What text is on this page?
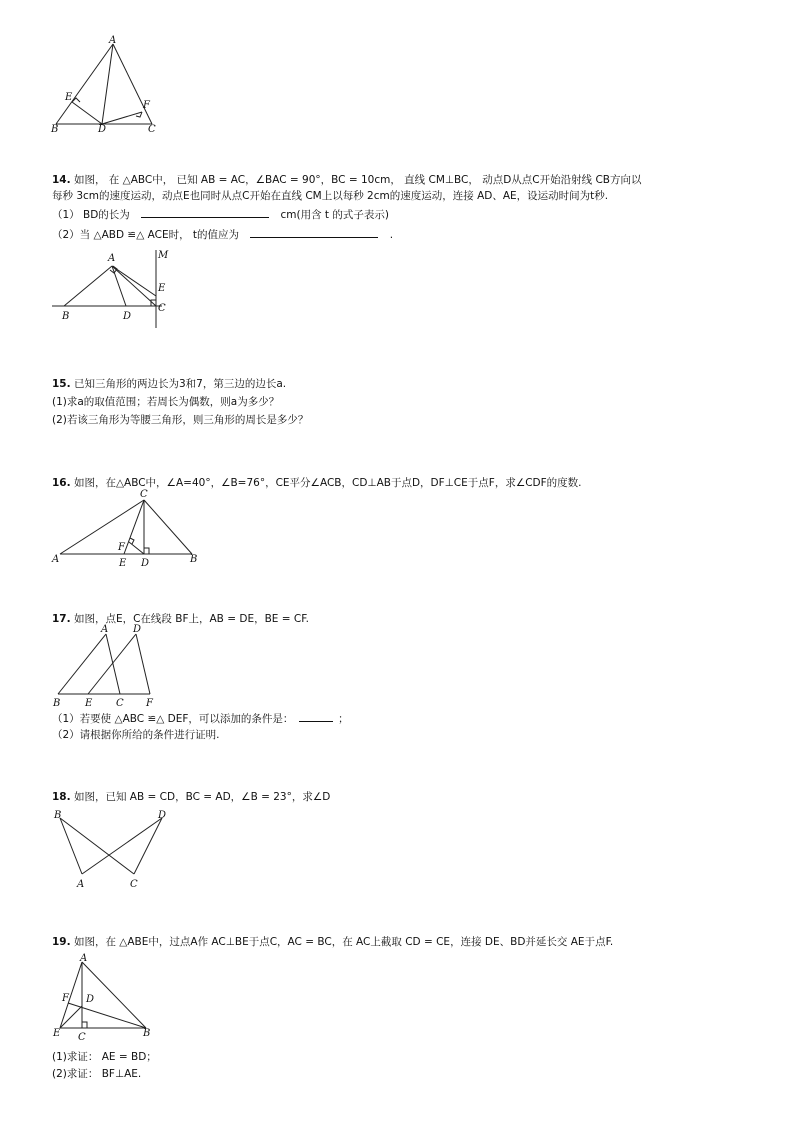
A
E
F
B	D	C
14. 如图， 在 △ABC中， 已知 AB = AC，∠BAC = 90°，BC = 10cm， 直线 CM⊥BC， 动点D从点C开始沿射线 CB方向以
每秒 3cm的速度运动，动点E也同时从点C开始在直线 CM上以每秒 2cm的速度运动，连接 AD、AE，设运动时间为t秒.
（1） BD的长为	cm(用含 t 的式子表示)
（2）当 △ABD ≌△ ACE时， t的值应为	.
A	M
E
C
B	D
15. 已知三角形的两边长为3和7，第三边的边长a.
(1)求a的取值范围；若周长为偶数，则a为多少？
(2)若该三角形为等腰三角形，则三角形的周长是多少？
16. 如图，在△ABC中，∠A=40°，∠B=76°，CE平分∠ACB，CD⊥AB于点D，DF⊥CE于点F，求∠CDF的度数.
C
A	B
F
E D
17. 如图，点E，C在线段 BF上，AB = DE，BE = CF.
A D
B E C F
（1）若要使 △ABC ≌△ DEF，可以添加的条件是：	；
（2）请根据你所给的条件进行证明.
18. 如图，已知 AB = CD，BC = AD，∠B = 23°，求∠D
B	D
A	C
19. 如图，在 △ABE中，过点A作 AC⊥BE于点C，AC = BC，在 AC上截取 CD = CE，连接 DE、BD并延长交 AE于点F.
A
F D
E C	B
(1)求证： AE = BD；
(2)求证： BF⊥AE.
